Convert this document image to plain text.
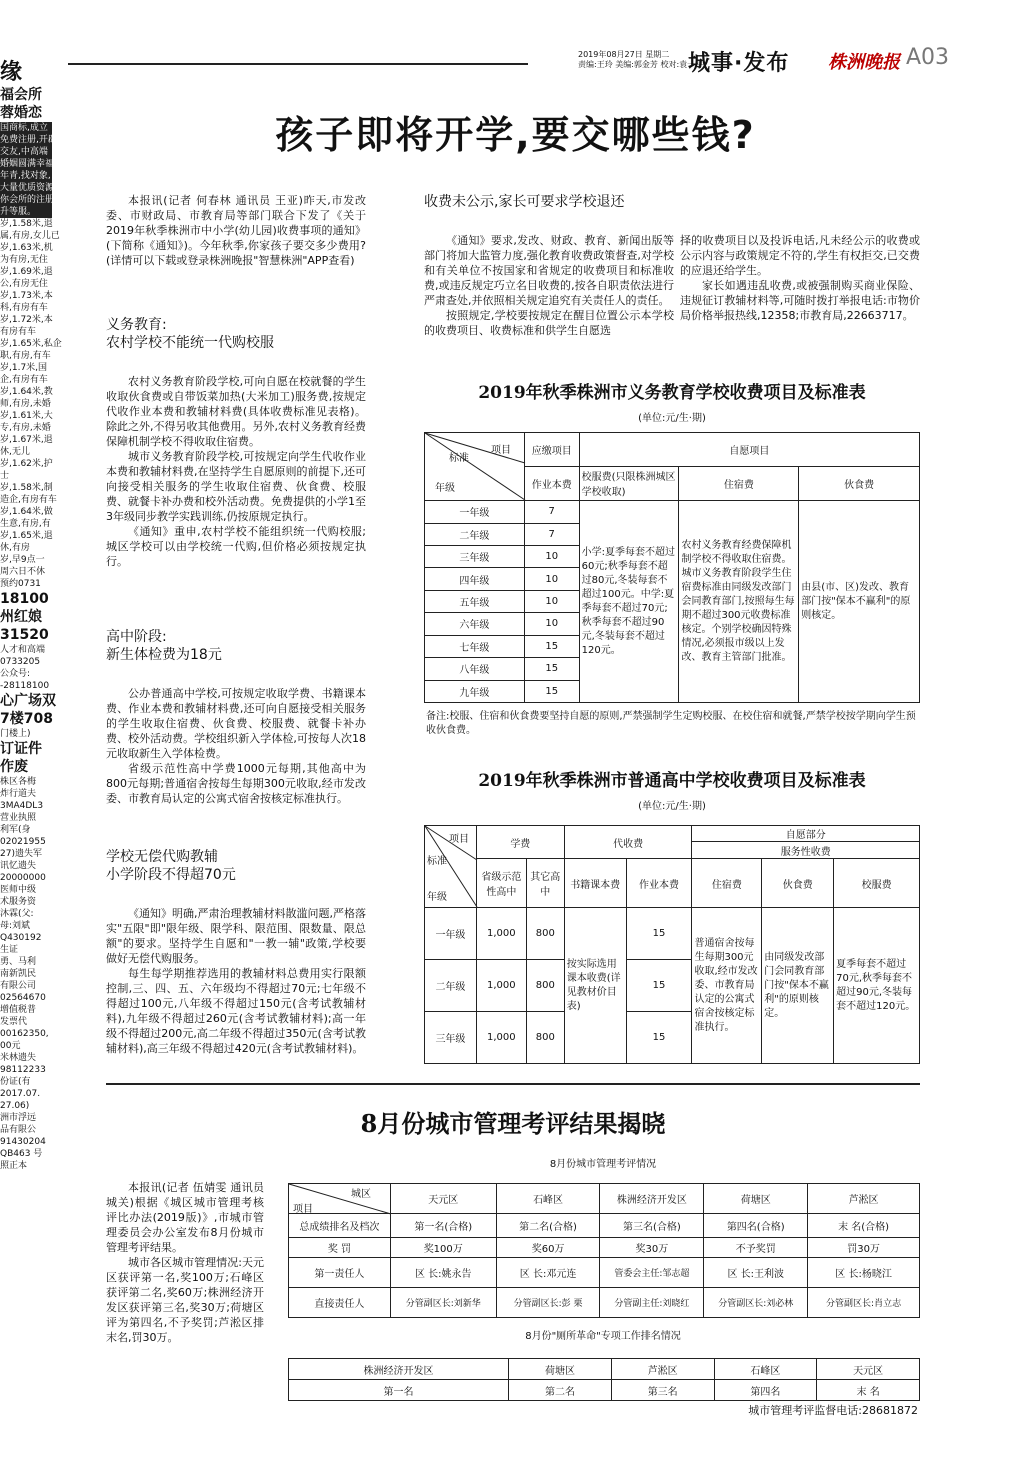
缘
福会所
蓉婚恋
国商标,成立
免费注册,开辟
交友,中高端
婚姻圆满幸福
年青,找对象,
大量优质资源
你会所的注册
升等服。
岁,1.58米,退
属,有房,女儿已
岁,1.63米,机
为有房,无住
岁,1.69米,退
公,有房无住
岁,1.73米,本
科,有房有车
岁,1.72米,本
有房有车
岁,1.65米,私企
职,有房,有车
岁,1.7米,国
企,有房有车
岁,1.64米,教
师,有房,未婚
岁,1.61米,大
专,有房,未婚
岁,1.67米,退
休,无儿
岁,1.62米,护
士
岁,1.58米,制
造企,有房有车
岁,1.64米,做
生意,有房,有
岁,1.65米,退
休,有房
岁,早9点一
周六日不休
预约0731
18100
州红娘
31520
人才和高端
0733205
公众号:
-28118100
心广场双
7楼708
门楼上)
订证件
作废
株区各梅
炸行道夫
3MA4DL3
营业执照
利军(身
02021955
27)遗失军
讯忆遗失
20000000
医师中级
术服务资
沐霖(父:
母:刘斌
Q430192
生证
勇、马利
南新凯民
有限公司
02564670
增值税普
发票代
00162350,
00元
米林遗失
98112233
份证(有
2017.07.
27.06)
洲市浮远
品有限公
91430204
QB463 号
照正本
2019年08月27日 星期二
责编:王玲 美编:郭金芳 校对:袁一平
城事·发布 株洲晚报 A03
孩子即将开学,要交哪些钱?

本报讯(记者 何春林 通讯员 王亚)昨天,市发改委、市财政局、市教育局等部门联合下发了《关于2019年秋季株洲市中小学(幼儿园)收费事项的通知》(下简称《通知》)。今年秋季,你家孩子要交多少费用?(详情可以下载或登录株洲晚报"智慧株洲"APP查看)

义务教育:
农村学校不能统一代购校服

农村义务教育阶段学校,可向自愿在校就餐的学生收取伙食费或自带饭菜加热(大米加工)服务费,按规定代收作业本费和教辅材料费(具体收费标准见表格)。除此之外,不得另收其他费用。另外,农村义务教育经费保障机制学校不得收取住宿费。

城市义务教育阶段学校,可按规定向学生代收作业本费和教辅材料费,在坚持学生自愿原则的前提下,还可向接受相关服务的学生收取住宿费、伙食费、校服费、就餐卡补办费和校外活动费。免费提供的小学1至3年级同步教学实践训练,仍按原规定执行。

《通知》重申,农村学校不能组织统一代购校服;城区学校可以由学校统一代购,但价格必须按规定执行。

高中阶段:
新生体检费为18元

公办普通高中学校,可按规定收取学费、书籍课本费、作业本费和教辅材料费,还可向自愿接受相关服务的学生收取住宿费、伙食费、校服费、就餐卡补办费、校外活动费。学校组织新入学体检,可按每人次18元收取新生入学体检费。

省级示范性高中学费1000元每期,其他高中为800元每期;普通宿舍按每生每期300元收取,经市发改委、市教育局认定的公寓式宿舍按核定标准执行。

学校无偿代购教辅
小学阶段不得超70元

《通知》明确,严肃治理教辅材料散滥问题,严格落实"五限"即"限年级、限学科、限范围、限数量、限总额"的要求。坚持学生自愿和"一教一辅"政策,学校要做好无偿代购服务。

每生每学期推荐选用的教辅材料总费用实行限额控制,三、四、五、六年级均不得超过70元;七年级不得超过100元,八年级不得超过150元(含考试教辅材料),九年级不得超过260元(含考试教辅材料);高一年级不得超过200元,高二年级不得超过350元(含考试教辅材料),高三年级不得超过420元(含考试教辅材料)。

收费未公示,家长可要求学校退还

《通知》要求,发改、财政、教育、新闻出版等部门将加大监管力度,强化教育收费政策督查,对学校和有关单位不按国家和省规定的收费项目和标准收费,或违反规定巧立名目收费的,按各自职责依法进行严肃查处,并依照相关规定追究有关责任人的责任。

按照规定,学校要按规定在醒目位置公示本学校的收费项目、收费标准和供学生自愿选

择的收费项目以及投诉电话,凡未经公示的收费或公示内容与政策规定不符的,学生有权拒交,已交费的应退还给学生。

家长如遇违乱收费,或被强制购买商业保险、违规征订教辅材料等,可随时拨打举报电话:市物价局价格举报热线,12358;市教育局,22663717。

2019年秋季株洲市义务教育学校收费项目及标准表
(单位:元/生·期)
项目
标准
年级	应缴项目	自愿项目		
	作业本费	校服费(只限株洲城区学校收取)	住宿费	伙食费
一年级	7	小学:夏季每套不超过60元;秋季每套不超过80元,冬装每套不超过100元。中学:夏季每套不超过70元;秋季每套不超过90元,冬装每套不超过120元。	农村义务教育经费保障机制学校不得收取住宿费。城市义务教育阶段学生住宿费标准由同级发改部门会同教育部门,按照每生每期不超过300元收费标准核定。个别学校确因特殊情况,必须报市级以上发改、教育主管部门批准。	由县(市、区)发改、教育部门按"保本不赢利"的原则核定。
二年级	7			
三年级	10			
四年级	10			
五年级	10			
六年级	10			
七年级	15			
八年级	15			
九年级	15			
备注:校服、住宿和伙食费要坚持自愿的原则,严禁强制学生定购校服、在校住宿和就餐,严禁学校按学期向学生预收伙食费。
2019年秋季株洲市普通高中学校收费项目及标准表
(单位:元/生·期)
项目
标准
年级	学费		代收费		自愿部分		
					服务性收费		
	省级示范性高中	其它高中	书籍课本费	作业本费	住宿费	伙食费	校服费
一年级	1,000	800	按实际选用课本收费(详见教材价目表)	15	普通宿舍按每生每期300元收取,经市发改委、市教育局认定的公寓式宿舍按核定标准执行。	由同级发改部门会同教育部门按"保本不赢利"的原则核定。	夏季每套不超过70元,秋季每套不超过90元,冬装每套不超过120元。
二年级	1,000	800		15			
三年级	1,000	800		15			
8月份城市管理考评结果揭晓

本报讯(记者 伍婧雯 通讯员 城关)根据《城区城市管理考核评比办法(2019版)》,市城市管理委员会办公室发布8月份城市管理考评结果。

城市各区城市管理情况:天元区获评第一名,奖100万;石峰区获评第二名,奖60万;株洲经济开发区获评第三名,奖30万;荷塘区评为第四名,不予奖罚;芦淞区排末名,罚30万。

8月份城市管理考评情况
城区
项目	天元区	石峰区	株洲经济开发区	荷塘区	芦淞区
总成绩排名及档次	第一名(合格)	第二名(合格)	第三名(合格)	第四名(合格)	末 名(合格)
奖 罚	奖100万	奖60万	奖30万	不予奖罚	罚30万
第一责任人	区 长:姚永告	区 长:邓元连	管委会主任:邹志超	区 长:王利波	区 长:杨晓江
直接责任人	分管副区长:刘新华	分管副区长:彭 栗	分管副主任:刘晓红	分管副区长:刘必林	分管副区长:肖立志
8月份"厕所革命"专项工作排名情况
株洲经济开发区	荷塘区	芦淞区	石峰区	天元区
第一名	第二名	第三名	第四名	末 名
城市管理考评监督电话:28681872
